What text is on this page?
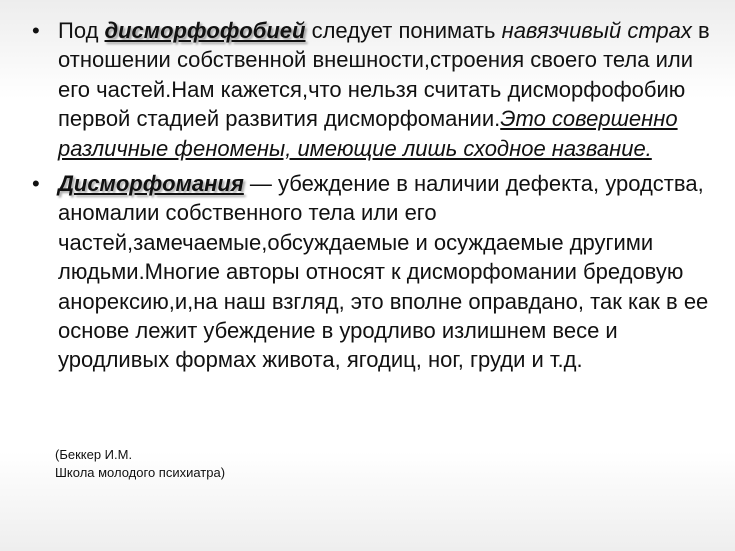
• Под дисморфофобией следует понимать навязчивый страх в отношении собственной внешности,строения своего тела или его частей.Нам кажется,что нельзя считать дисморфофобию первой стадией развития дисморфомании.Это совершенно различные феномены, имеющие лишь сходное название.
• Дисморфомания — убеждение в наличии дефекта, уродства, аномалии собственного тела или его частей,замечаемые,обсуждаемые и осуждаемые другими людьми.Многие авторы относят к дисморфомании бредовую анорексию,и,на наш взгляд, это вполне оправдано, так как в ее основе лежит убеждение в уродливо излишнем весе и уродливых формах живота, ягодиц, ног, груди и т.д.
(Беккер И.М.
Школа молодого психиатра)
